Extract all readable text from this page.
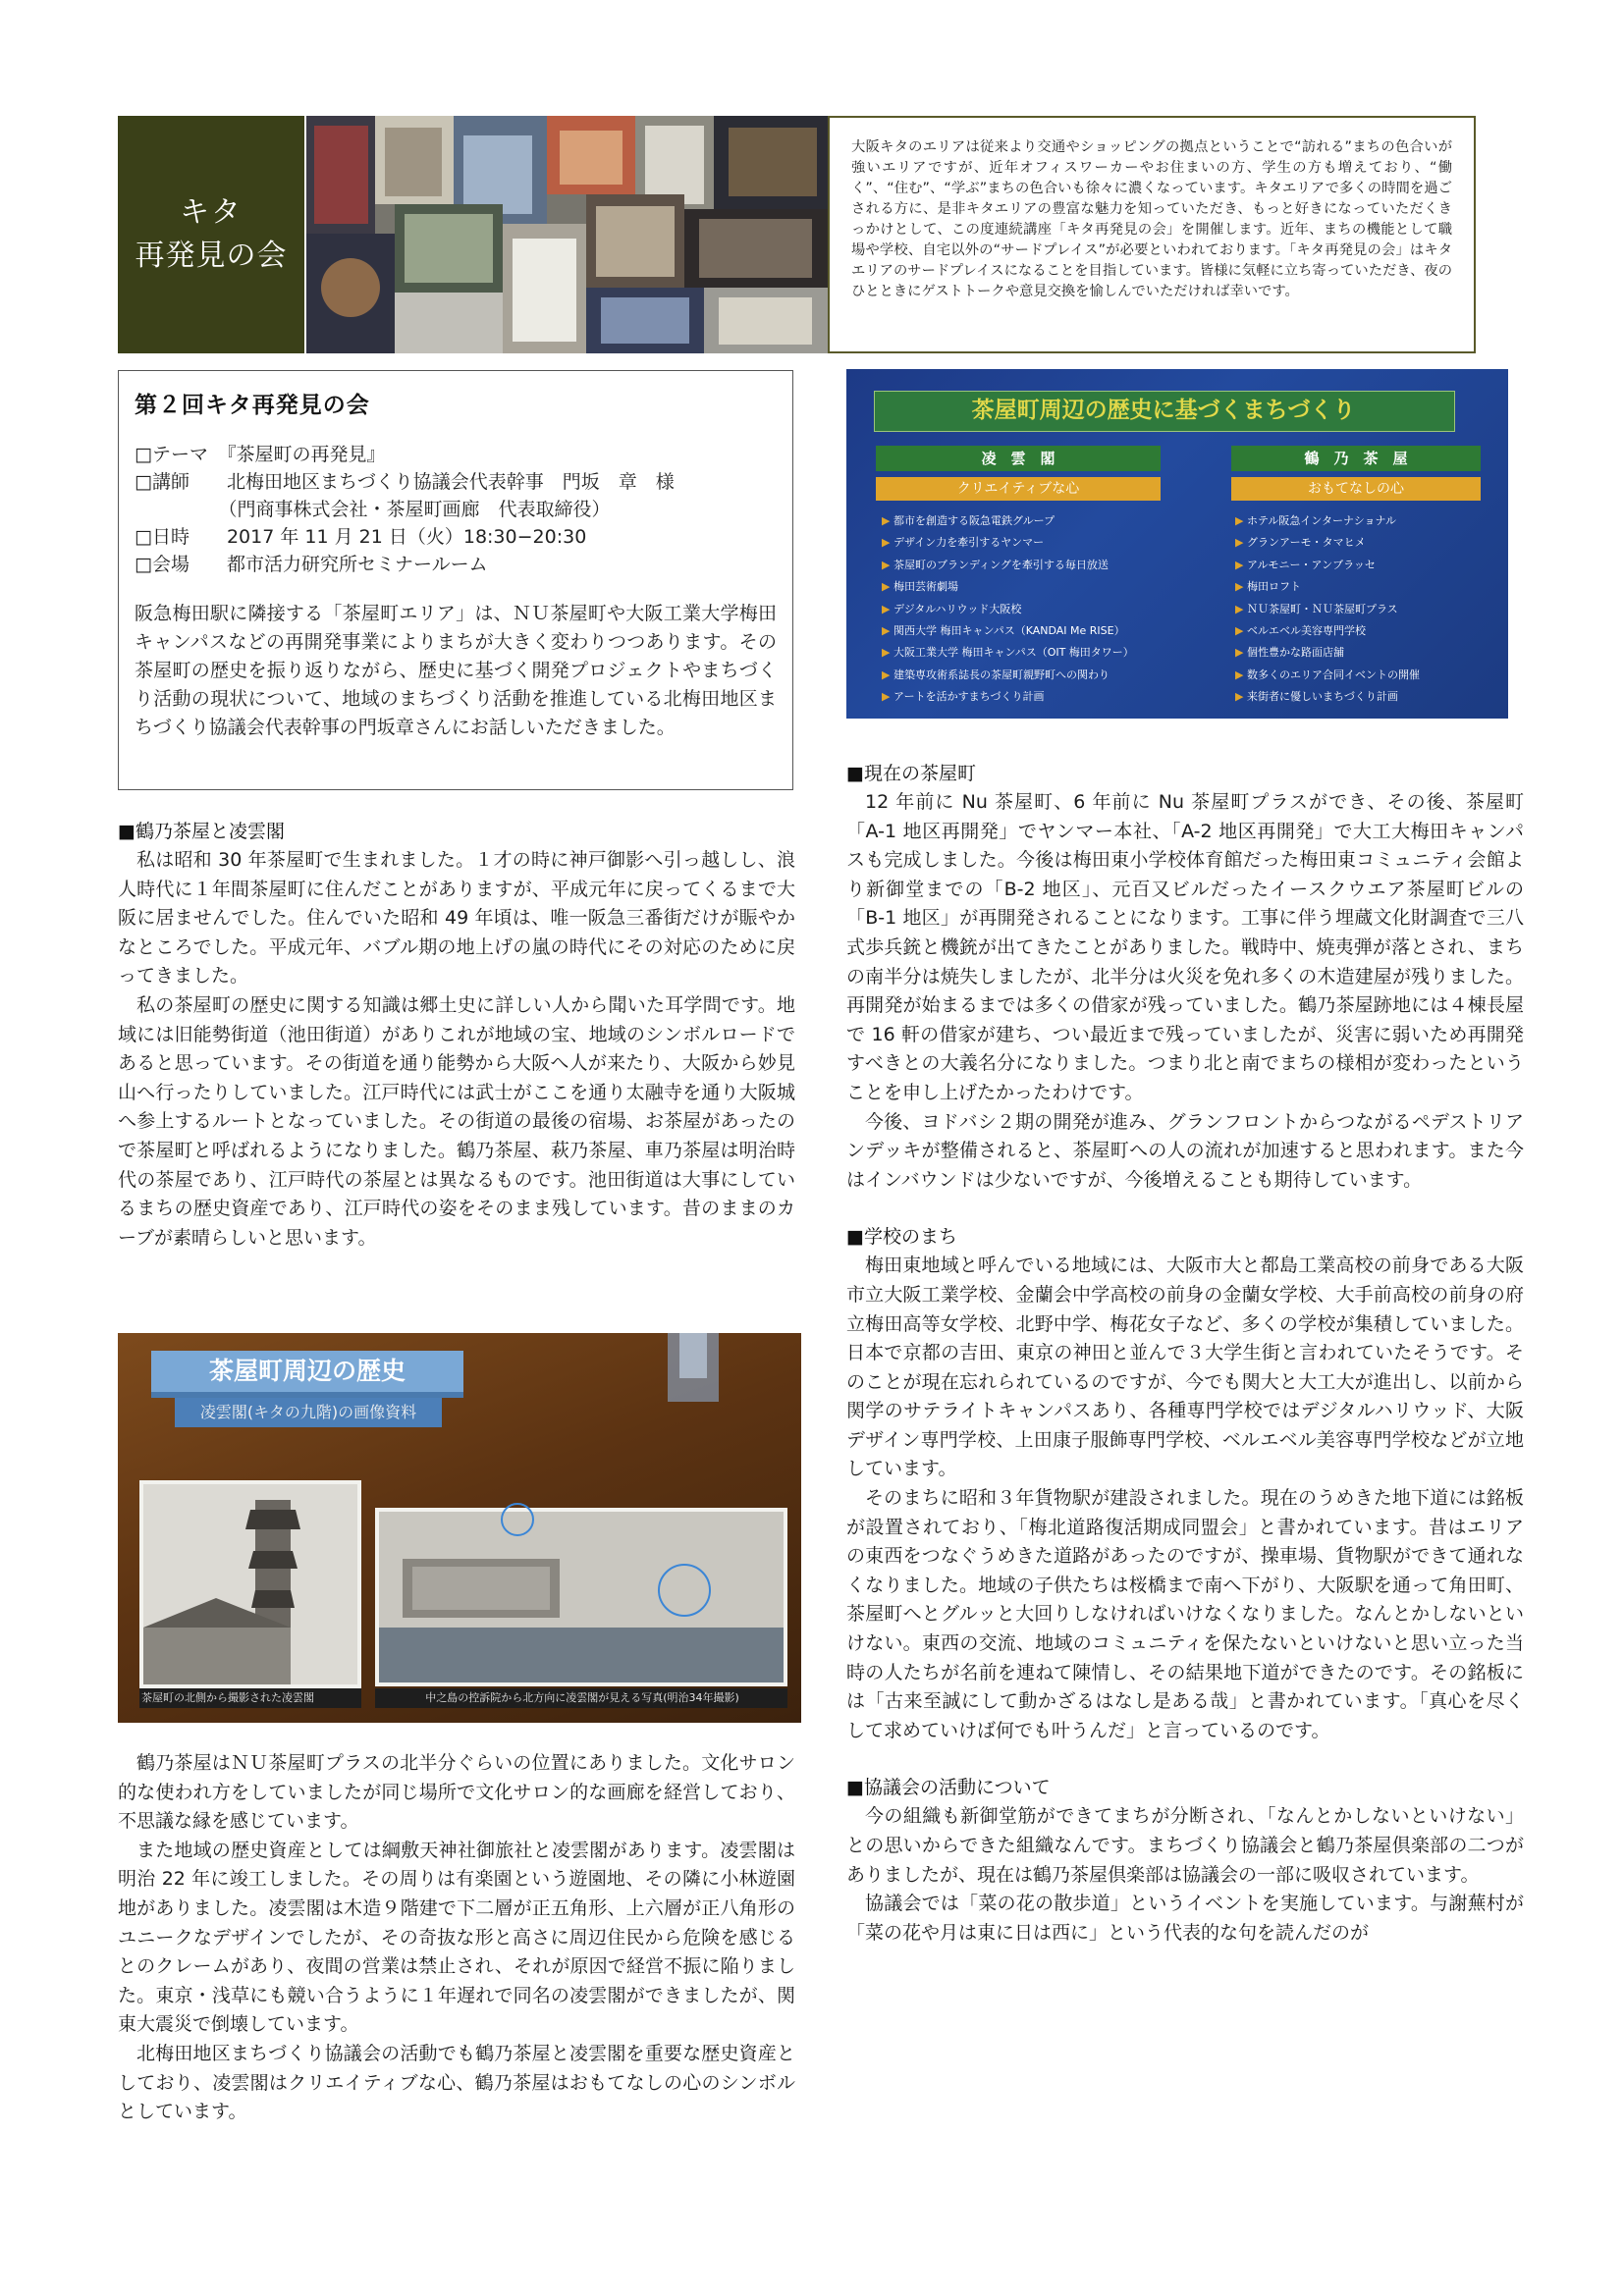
キタ
再発見の会
大阪キタのエリアは従来より交通やショッピングの拠点ということで“訪れる”まちの色合いが強いエリアですが、近年オフィスワーカーやお住まいの方、学生の方も増えており、“働く”、“住む”、“学ぶ”まちの色合いも徐々に濃くなっています。キタエリアで多くの時間を過ごされる方に、是非キタエリアの豊富な魅力を知っていただき、もっと好きになっていただくきっかけとして、この度連続講座「キタ再発見の会」を開催します。近年、まちの機能として職場や学校、自宅以外の“サードプレイス”が必要といわれております。「キタ再発見の会」はキタエリアのサードプレイスになることを目指しています。皆様に気軽に立ち寄っていただき、夜のひとときにゲストトークや意見交換を愉しんでいただければ幸いです。
第２回キタ再発見の会
□テーマ　『茶屋町の再発見』
□講師　　北梅田地区まちづくり協議会代表幹事　門坂　章　様
　　　　　（門商事株式会社・茶屋町画廊　代表取締役）
□日時　　2017 年 11 月 21 日（火）18:30−20:30
□会場　　都市活力研究所セミナールーム
阪急梅田駅に隣接する「茶屋町エリア」は、ＮＵ茶屋町や大阪工業大学梅田キャンパスなどの再開発事業によりまちが大きく変わりつつあります。その茶屋町の歴史を振り返りながら、歴史に基づく開発プロジェクトやまちづくり活動の現状について、地域のまちづくり活動を推進している北梅田地区まちづくり協議会代表幹事の門坂章さんにお話しいただきました。
■鶴乃茶屋と凌雲閣

私は昭和 30 年茶屋町で生まれました。１才の時に神戸御影へ引っ越しし、浪人時代に１年間茶屋町に住んだことがありますが、平成元年に戻ってくるまで大阪に居ませんでした。住んでいた昭和 49 年頃は、唯一阪急三番街だけが賑やかなところでした。平成元年、バブル期の地上げの嵐の時代にその対応のために戻ってきました。

私の茶屋町の歴史に関する知識は郷土史に詳しい人から聞いた耳学問です。地域には旧能勢街道（池田街道）がありこれが地域の宝、地域のシンボルロードであると思っています。その街道を通り能勢から大阪へ人が来たり、大阪から妙見山へ行ったりしていました。江戸時代には武士がここを通り太融寺を通り大阪城へ参上するルートとなっていました。その街道の最後の宿場、お茶屋があったので茶屋町と呼ばれるようになりました。鶴乃茶屋、萩乃茶屋、車乃茶屋は明治時代の茶屋であり、江戸時代の茶屋とは異なるものです。池田街道は大事にしているまちの歴史資産であり、江戸時代の姿をそのまま残しています。昔のままのカーブが素晴らしいと思います。

茶屋町周辺の歴史
凌雲閣(キタの九階)の画像資料
茶屋町の北側から撮影された凌雲閣	中之島の控訴院から北方向に凌雲閣が見える写真(明治34年撮影)

鶴乃茶屋はＮＵ茶屋町プラスの北半分ぐらいの位置にありました。文化サロン的な使われ方をしていましたが同じ場所で文化サロン的な画廊を経営しており、不思議な縁を感じています。

また地域の歴史資産としては綱敷天神社御旅社と凌雲閣があります。凌雲閣は明治 22 年に竣工しました。その周りは有楽園という遊園地、その隣に小林遊園地がありました。凌雲閣は木造９階建で下二層が正五角形、上六層が正八角形のユニークなデザインでしたが、その奇抜な形と高さに周辺住民から危険を感じるとのクレームがあり、夜間の営業は禁止され、それが原因で経営不振に陥りました。東京・浅草にも競い合うように１年遅れで同名の凌雲閣ができましたが、関東大震災で倒壊しています。

北梅田地区まちづくり協議会の活動でも鶴乃茶屋と凌雲閣を重要な歴史資産としており、凌雲閣はクリエイティブな心、鶴乃茶屋はおもてなしの心のシンボルとしています。

茶屋町周辺の歴史に基づくまちづくり
凌　雲　閣
クリエイティブな心
鶴　乃　茶　屋
おもてなしの心
▶ 都市を創造する阪急電鉄グループ
▶ デザイン力を牽引するヤンマー
▶ 茶屋町のブランディングを牽引する毎日放送
▶ 梅田芸術劇場
▶ デジタルハリウッド大阪校
▶ 関西大学 梅田キャンパス（KANDAI Me RISE）
▶ 大阪工業大学 梅田キャンパス（OIT 梅田タワー）
▶ 建築専攻術系誌長の茶屋町親野町への関わり
▶ アートを活かすまちづくり計画
▶ ホテル阪急インターナショナル
▶ グランアーモ・タマヒメ
▶ アルモニー・アンブラッセ
▶ 梅田ロフト
▶ ＮＵ茶屋町・ＮＵ茶屋町プラス
▶ ベルエベル美容専門学校
▶ 個性豊かな路面店舗
▶ 数多くのエリア合同イベントの開催
▶ 来街者に優しいまちづくり計画
■現在の茶屋町

12 年前に Nu 茶屋町、6 年前に Nu 茶屋町プラスができ、その後、茶屋町「A-1 地区再開発」でヤンマー本社、「A-2 地区再開発」で大工大梅田キャンパスも完成しました。今後は梅田東小学校体育館だった梅田東コミュニティ会館より新御堂までの「B-2 地区」、元百又ビルだったイースクウエア茶屋町ビルの「B-1 地区」が再開発されることになります。工事に伴う埋蔵文化財調査で三八式歩兵銃と機銃が出てきたことがありました。戦時中、焼夷弾が落とされ、まちの南半分は焼失しましたが、北半分は火災を免れ多くの木造建屋が残りました。再開発が始まるまでは多くの借家が残っていました。鶴乃茶屋跡地には４棟長屋で 16 軒の借家が建ち、つい最近まで残っていましたが、災害に弱いため再開発すべきとの大義名分になりました。つまり北と南でまちの様相が変わったということを申し上げたかったわけです。

今後、ヨドバシ２期の開発が進み、グランフロントからつながるペデストリアンデッキが整備されると、茶屋町への人の流れが加速すると思われます。また今はインバウンドは少ないですが、今後増えることも期待しています。

■学校のまち

梅田東地域と呼んでいる地域には、大阪市大と都島工業高校の前身である大阪市立大阪工業学校、金蘭会中学高校の前身の金蘭女学校、大手前高校の前身の府立梅田高等女学校、北野中学、梅花女子など、多くの学校が集積していました。日本で京都の吉田、東京の神田と並んで３大学生街と言われていたそうです。そのことが現在忘れられているのですが、今でも関大と大工大が進出し、以前から関学のサテライトキャンパスあり、各種専門学校ではデジタルハリウッド、大阪デザイン専門学校、上田康子服飾専門学校、ベルエベル美容専門学校などが立地しています。

そのまちに昭和３年貨物駅が建設されました。現在のうめきた地下道には銘板が設置されており、「梅北道路復活期成同盟会」と書かれています。昔はエリアの東西をつなぐうめきた道路があったのですが、操車場、貨物駅ができて通れなくなりました。地域の子供たちは桜橋まで南へ下がり、大阪駅を通って角田町、茶屋町へとグルッと大回りしなければいけなくなりました。なんとかしないといけない。東西の交流、地域のコミュニティを保たないといけないと思い立った当時の人たちが名前を連ねて陳情し、その結果地下道ができたのです。その銘板には「古来至誠にして動かざるはなし是ある哉」と書かれています。「真心を尽くして求めていけば何でも叶うんだ」と言っているのです。

■協議会の活動について

今の組織も新御堂筋ができてまちが分断され、「なんとかしないといけない」との思いからできた組織なんです。まちづくり協議会と鶴乃茶屋倶楽部の二つがありましたが、現在は鶴乃茶屋倶楽部は協議会の一部に吸収されています。

協議会では「菜の花の散歩道」というイベントを実施しています。与謝蕪村が「菜の花や月は東に日は西に」という代表的な句を読んだのが
